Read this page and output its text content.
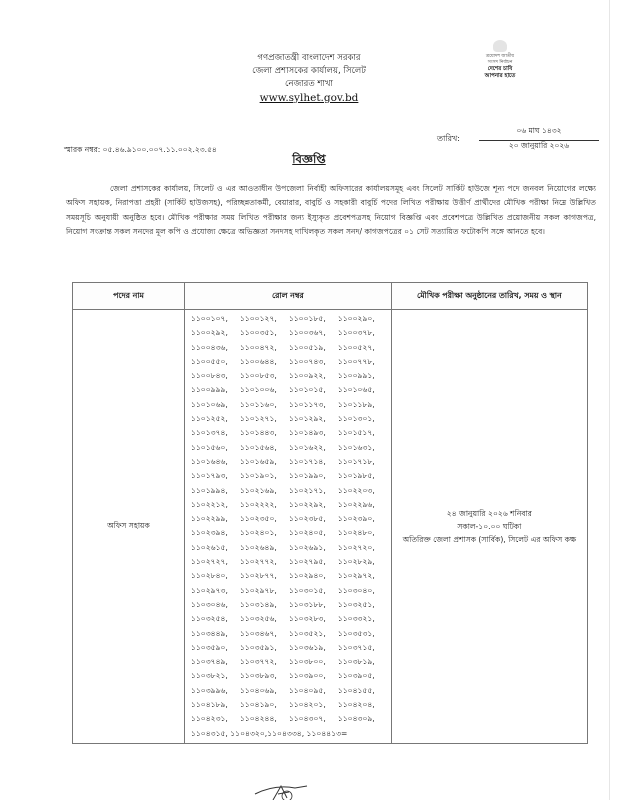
গণপ্রজাতন্ত্রী বাংলাদেশ সরকার
জেলা প্রশাসকের কার্যালয়, সিলেট
নেজারত শাখা
www.sylhet.gov.bd
ত্রয়োদশ জাতীয়
সংসদ নির্বাচন
দেশের চাবি
আপনার হাতে
স্মারক নম্বর: ০৫.৪৬.৯১০০.০০৭.১১.০০২.২৩.৫৪
তারিখ:
০৬ মাঘ ১৪৩২
২০ জানুয়ারি ২০২৬
বিজ্ঞপ্তি
জেলা প্রশাসকের কার্যালয়, সিলেট ও এর আওতাধীন উপজেলা নির্বাহী অফিসারের কার্যালয়সমূহ এবং সিলেট সার্কিট হাউজে শূন্য পদে জনবল নিয়োগের লক্ষ্যে অফিস সহায়ক, নিরাপত্তা প্রহরী (সার্কিট হাউজসহ), পরিচ্ছন্নতাকর্মী, বেয়ারার, বাবুর্চি ও সহকারী বাবুর্চি পদের লিখিত পরীক্ষায় উত্তীর্ণ প্রার্থীদের মৌখিক পরীক্ষা নিম্নে উল্লিখিত সময়সূচি অনুযায়ী অনুষ্ঠিত হবে। মৌখিক পরীক্ষার সময় লিখিত পরীক্ষার জন্য ইস্যুকৃত প্রবেশপত্রসহ নিয়োগ বিজ্ঞপ্তি এবং প্রবেশপত্রে উল্লিখিত প্রয়োজনীয় সকল কাগজপত্র, নিয়োগ সংক্রান্ত সকল সনদের মূল কপি ও প্রযোজ্য ক্ষেত্রে অভিজ্ঞতা সনদসহ দাখিলকৃত সকল সনদ/ কাগজপত্রের ০১ সেট সত্যায়িত ফটোকপি সঙ্গে আনতে হবে।
পদের নাম	রোল নম্বর	মৌখিক পরীক্ষা অনুষ্ঠানের তারিখ, সময় ও স্থান
অফিস সহায়ক	
১১০০১০৭,	১১০০১২৭,	১১০০১৮৫,	১১০০২৯০,
১১০০২৯২,	১১০০৩৫১,	১১০০৩৬৭,	১১০০৩৭৮,
১১০০৪৩৬,	১১০০৪৭২,	১১০০৫১৯,	১১০০৫২৭,
১১০০৫৫০,	১১০০৬৪৪,	১১০০৭৪৩,	১১০০৭৭৮,
১১০০৮৪৩,	১১০০৮৫৩,	১১০০৯২২,	১১০০৯৯১,
১১০০৯৯৯,	১১০১০০৬,	১১০১০১৫,	১১০১০৬৫,
১১০১০৬৯,	১১০১১৬০,	১১০১১৭৩,	১১০১১৮৯,
১১০১২৫২,	১১০১২৭১,	১১০১২৯২,	১১০১৩০১,
১১০১৩৭৪,	১১০১৪৪৩,	১১০১৪৯৩,	১১০১৫১৭,
১১০১৫৬০,	১১০১৫৬৪,	১১০১৬২২,	১১০১৬৩১,
১১০১৬৪৬,	১১০১৬৫৯,	১১০১৭১৪,	১১০১৭১৮,
১১০১৭৯৩,	১১০১৯০১,	১১০১৯৯০,	১১০১৯৮৫,
১১০১৯৯৪,	১১০২১৬৯,	১১০২১৭১,	১১০২২০৩,
১১০২২১২,	১১০২২২২,	১১০২২৯২,	১১০২২৯৬,
১১০২২৯৯,	১১০২৩৫০,	১১০২৩৮৫,	১১০২৩৯০,
১১০২৩৯৪,	১১০২৪০১,	১১০২৪০৫,	১১০২৪৮০,
১১০২৬১৫,	১১০২৬৪৯,	১১০২৬৯১,	১১০২৭২০,
১১০২৭২৭,	১১০২৭৭২,	১১০২৭৯৫,	১১০২৮২৯,
১১০২৮৪০,	১১০২৮৭৭,	১১০২৯৪০,	১১০২৯৭২,
১১০২৯৭৩,	১১০২৯৭৮,	১১০৩০১৫,	১১০৩০৪০,
১১০৩০৪৬,	১১০৩১৪৯,	১১০৩১৮৮,	১১০৩২৫১,
১১০৩২৫৪,	১১০৩২৫৬,	১১০৩২৮৩,	১১০৩৩২১,
১১০৩৪৪৯,	১১০৩৪৬৭,	১১০৩৫২১,	১১০৩৫৩১,
১১০৩৫৯০,	১১০৩৫৯১,	১১০৩৬১৯,	১১০৩৭১৫,
১১০৩৭৪৯,	১১০৩৭৭২,	১১০৩৮০০,	১১০৩৮১৯,
১১০৩৮২১,	১১০৩৮৯৩,	১১০৩৯০০,	১১০৩৯০৫,
১১০৩৯৯৬,	১১০৪০৬৯,	১১০৪০৯৫,	১১০৪১৫৫,
১১০৪১৮৯,	১১০৪১৯০,	১১০৪২০১,	১১০৪২০৪,
১১০৪২৩১,	১১০৪২৪৪,	১১০৪৩০৭,	১১০৪৩০৯,
১১০৪৩১৫, ১১০৪৩২০,১১০৪৩৩৪, ১১০৪৪১৩=

২৪ জানুয়ারি ২০২৬ শনিবার
সকাল-১০.০০ ঘটিকা
অতিরিক্ত জেলা প্রশাসক (সার্বিক), সিলেট এর অফিস কক্ষ
